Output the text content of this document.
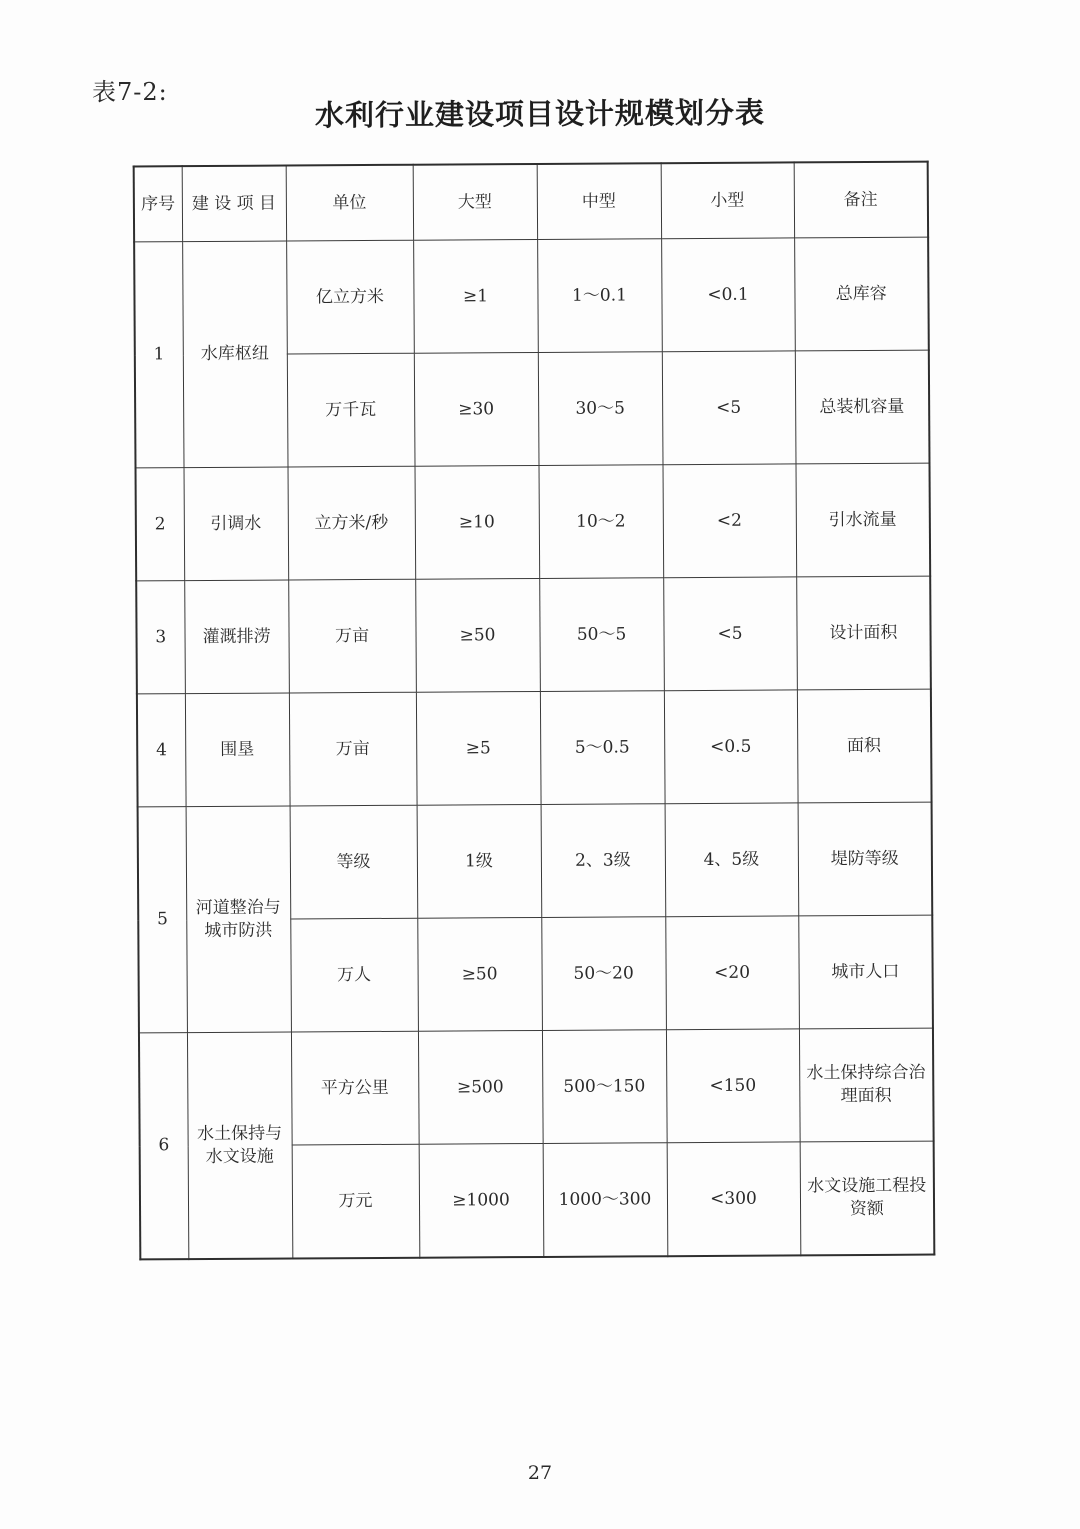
表7-2:
水利行业建设项目设计规模划分表
序号	建 设 项 目	单位	大型	中型	小型	备注
1	水库枢纽	亿立方米	≥1	1～0.1	<0.1	总库容
		万千瓦	≥30	30～5	<5	总装机容量
2	引调水	立方米/秒	≥10	10～2	<2	引水流量
3	灌溉排涝	万亩	≥50	50～5	<5	设计面积
4	围垦	万亩	≥5	5～0.5	<0.5	面积
5	河道整治与城市防洪	等级	1级	2、3级	4、5级	堤防等级
		万人	≥50	50～20	<20	城市人口
6	水土保持与水文设施	平方公里	≥500	500～150	<150	水土保持综合治理面积
		万元	≥1000	1000～300	<300	水文设施工程投资额
27
